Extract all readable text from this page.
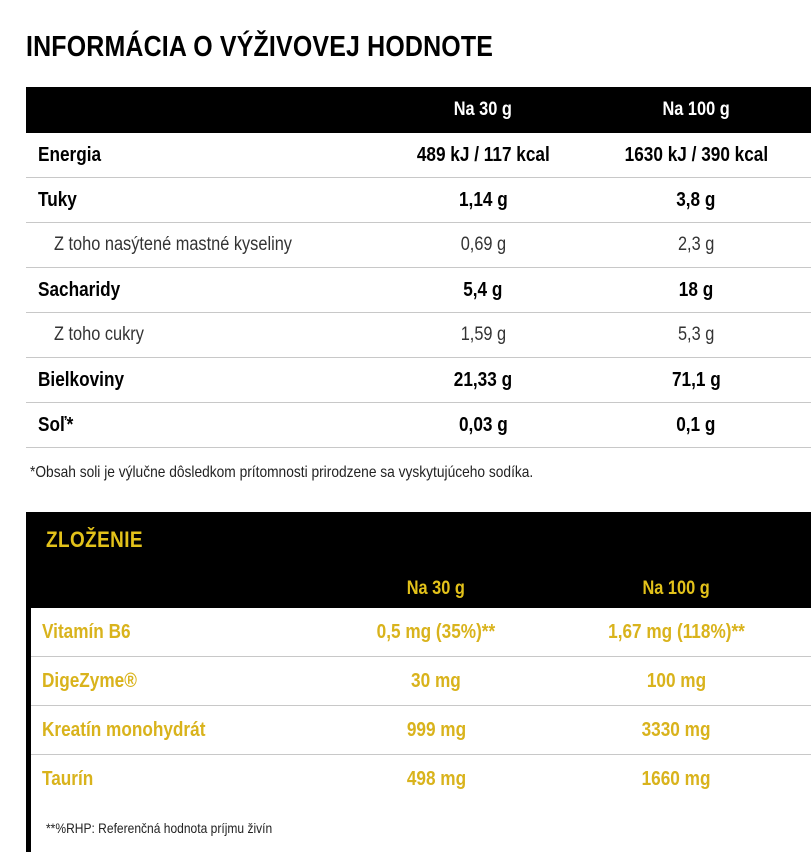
INFORMÁCIA O VÝŽIVOVEJ HODNOTE
Na 30 g	Na 100 g
Energia	489 kJ / 117 kcal	1630 kJ / 390 kcal
Tuky	1,14 g	3,8 g
Z toho nasýtené mastné kyseliny	0,69 g	2,3 g
Sacharidy	5,4 g	18 g
Z toho cukry	1,59 g	5,3 g
Bielkoviny	21,33 g	71,1 g
Soľ*	0,03 g	0,1 g
*Obsah soli je výlučne dôsledkom prítomnosti prirodzene sa vyskytujúceho sodíka.
ZLOŽENIE
Na 30 g	Na 100 g
Vitamín B6	0,5 mg (35%)**	1,67 mg (118%)**
DigeZyme®	30 mg	100 mg
Kreatín monohydrát	999 mg	3330 mg
Taurín	498 mg	1660 mg
**%RHP: Referenčná hodnota príjmu živín
